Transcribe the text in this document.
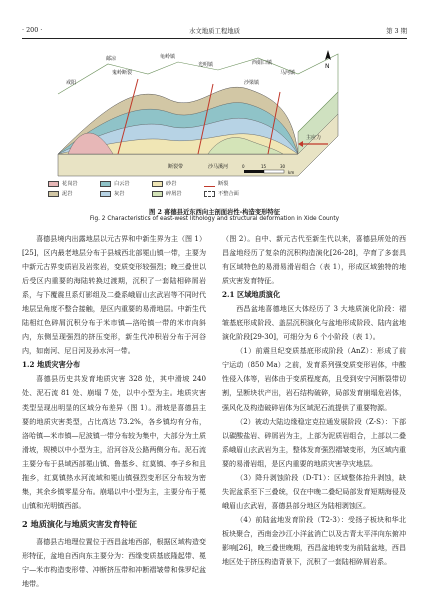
· 200 ·	水文地质工程地质	第 3 期
邮凉
戒阳
龟岭镇
光明镇
沙梁镇
马河镇
西娟口镇
沙马溪河
鬼岭断裂
主应力
断裂带
N
0	15	30
km
花岗岩
泥岩
白云岩
灰岩
砂岩
碎屑岩
断裂
不整合面
图 2 喜德县近东西向主剖面岩性-构造变形特征
Fig. 2 Characteristics of east-west lithology and structural deformation in Xide County

喜德县境内出露地层以元古界和中新生界为主（图 1）[25]，区内最老地层分布于县城西北部冕山镇一带，主要为中新元古界变质岩及岩浆岩，变质变形较强烈；晚三叠世以后受区内重要的海陆转换过渡期，沉积了一套陆相碎屑岩系，与下覆震旦系灯影组及二叠系峨眉山玄武岩等不同时代地层呈角度不整合接触，是区内重要的易滑地层。中新生代陆相红色碎屑沉积分布于米市镇—洛哈镇一带的米市向斜内，东侧呈现强烈的挤压变形，新生代冲积岩分布于河谷内，如南河、尼日河及孙水河一带。

1.2 地质灾害分布

喜德县历史共发育地质灾害 328 处，其中滑坡 240 处、泥石流 81 处、崩塌 7 处，以中小型为主。地质灾害类型呈现出明显的区域分布差异（图 1）。滑坡是喜德县主要的地质灾害类型，占比高达 73.2%，各乡镇均有分布，洛哈镇—米市镇—尼波镇一带分布较为集中，大部分为土质滑坡，规模以中小型为主，沿河谷及公路两侧分布。泥石流主要分布于县域西部冕山镇、鲁基乡、红莫镇、李子乡和且拖乡，红莫镇热水河流域和冕山镇强烈变形区分布较为密集，其余乡镇零星分布。崩塌以中小型为主，主要分布于冕山镇和光明镇西部。

2 地质演化与地质灾害发育特征

喜德县古地理位置位于西昌盆地西部，根据区域构造变形特征，盆地自西向东主要分为：西缘变质基底隆起带、冕宁—米市构造变形带、冲断挤压带和冲断褶皱带和侏罗纪盆地带。

（图 2）。自中、新元古代至新生代以来，喜德县所处的西昌盆地经历了复杂的沉积构造演化[26-28]，孕育了多套具有区域特色的易滑易滑岩组合（表 1），形成区域独特的地质灾害发育特征。

2.1 区域地质演化

西昌盆地喜德地区大体经历了 3 大地质演化阶段：褶皱基底形成阶段、盖层沉积演化与盆地形成阶段、陆内盆地演化阶段[29-30]，可细分为 6 个小阶段（表 1）。

（1）前震旦纪变质基底形成阶段（AnZ）：形成了前宁运动（850 Ma）之前，发育系列强变质变形岩体，中酸性侵入体等，岩体由于变质程度高，且受到安宁河断裂带切割，呈断块状产出，岩石结构破碎，局部发育崩塌危岩体，强风化及构造破碎岩体为区域泥石流提供了重要物源。

（2）被动大陆边缘稳定克拉通发展阶段（Z-S）：下部以碳酸盐岩、碎屑岩为主，上部为泥质岩组合，上部以二叠系峨眉山玄武岩为主，整体发育强烈褶皱变形，为区域内重要的易滑岩组，是区内重要的地质灾害孕灾地层。

（3）降升剥蚀阶段（D-T1）：区域整体抬升剥蚀，缺失泥盆系至下三叠统，仅在中晚二叠纪局部发育短期海侵及峨眉山玄武岩，喜德县部分地区为陆相剥蚀区。

（4）前陆盆地发育阶段（T2-3）：受扬子板块和华北板块聚合，西南金沙江小洋盆消亡以及古青太平洋向东俯冲影响[26]，晚三叠世晚期，西昌盆地转变为前陆盆地，西昌地区处于挤压构造背景下，沉积了一套陆相碎屑岩系。
